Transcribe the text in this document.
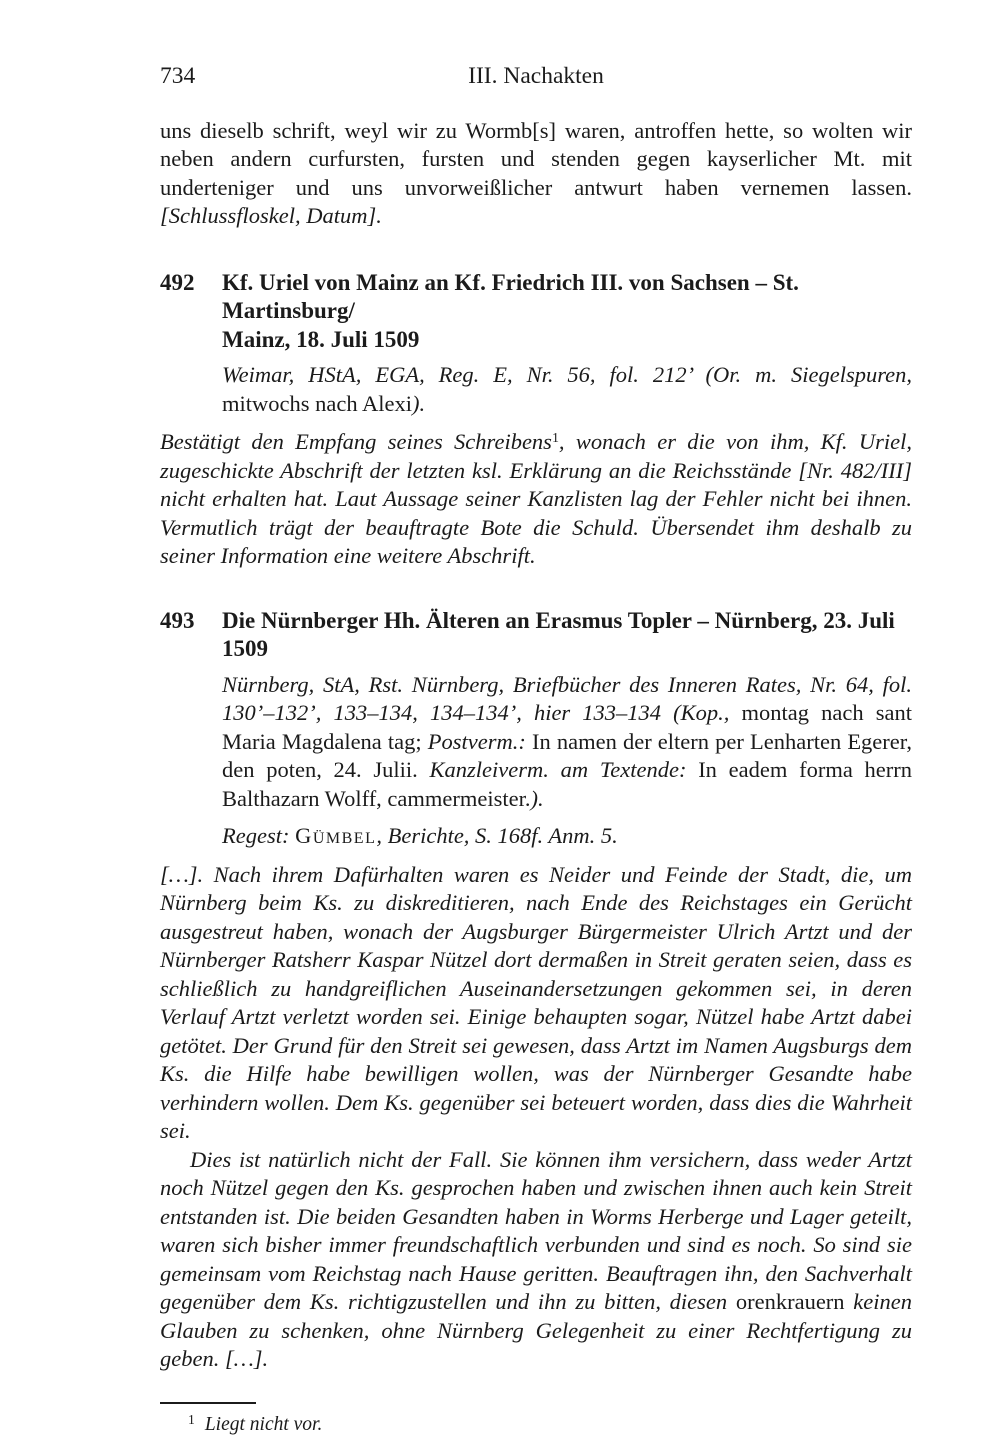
734	III. Nachakten

uns dieselb schrift, weyl wir zu Wormb[s] waren, antroffen hette, so wolten wir neben andern curfursten, fursten und stenden gegen kayserlicher Mt. mit underteniger und uns unvorweißlicher antwurt haben vernemen lassen. [Schlussfloskel, Datum].

492	Kf. Uriel von Mainz an Kf. Friedrich III. von Sachsen – St. Martinsburg/
Mainz, 18. Juli 1509

Weimar, HStA, EGA, Reg. E, Nr. 56, fol. 212’ (Or. m. Siegelspuren, mitwochs nach Alexi).

Bestätigt den Empfang seines Schreibens$^1$, wonach er die von ihm, Kf. Uriel, zugeschickte Abschrift der letzten ksl. Erklärung an die Reichsstände [Nr. 482/III] nicht erhalten hat. Laut Aussage seiner Kanzlisten lag der Fehler nicht bei ihnen. Vermutlich trägt der beauftragte Bote die Schuld. Übersendet ihm deshalb zu seiner Information eine weitere Abschrift.

493	Die Nürnberger Hh. Älteren an Erasmus Topler – Nürnberg, 23. Juli 1509

Nürnberg, StA, Rst. Nürnberg, Briefbücher des Inneren Rates, Nr. 64, fol. 130’–132’, 133–134, 134–134’, hier 133–134 (Kop., montag nach sant Maria Magdalena tag; Postverm.: In namen der eltern per Lenharten Egerer, den poten, 24. Julii. Kanzleiverm. am Textende: In eadem forma herrn Balthazarn Wolff, cammermeister.).

Regest: Gümbel, Berichte, S. 168f. Anm. 5.

[…]. Nach ihrem Dafürhalten waren es Neider und Feinde der Stadt, die, um Nürnberg beim Ks. zu diskreditieren, nach Ende des Reichstages ein Gerücht ausgestreut haben, wonach der Augsburger Bürgermeister Ulrich Artzt und der Nürnberger Ratsherr Kaspar Nützel dort dermaßen in Streit geraten seien, dass es schließlich zu handgreiflichen Auseinandersetzungen gekommen sei, in deren Verlauf Artzt verletzt worden sei. Einige behaupten sogar, Nützel habe Artzt dabei getötet. Der Grund für den Streit sei gewesen, dass Artzt im Namen Augsburgs dem Ks. die Hilfe habe bewilligen wollen, was der Nürnberger Gesandte habe verhindern wollen. Dem Ks. gegenüber sei beteuert worden, dass dies die Wahrheit sei.

Dies ist natürlich nicht der Fall. Sie können ihm versichern, dass weder Artzt noch Nützel gegen den Ks. gesprochen haben und zwischen ihnen auch kein Streit entstanden ist. Die beiden Gesandten haben in Worms Herberge und Lager geteilt, waren sich bisher immer freundschaftlich verbunden und sind es noch. So sind sie gemeinsam vom Reichstag nach Hause geritten. Beauftragen ihn, den Sachverhalt gegenüber dem Ks. richtigzustellen und ihn zu bitten, diesen orenkrauern keinen Glauben zu schenken, ohne Nürnberg Gelegenheit zu einer Rechtfertigung zu geben. […].

$^1$ Liegt nicht vor.
